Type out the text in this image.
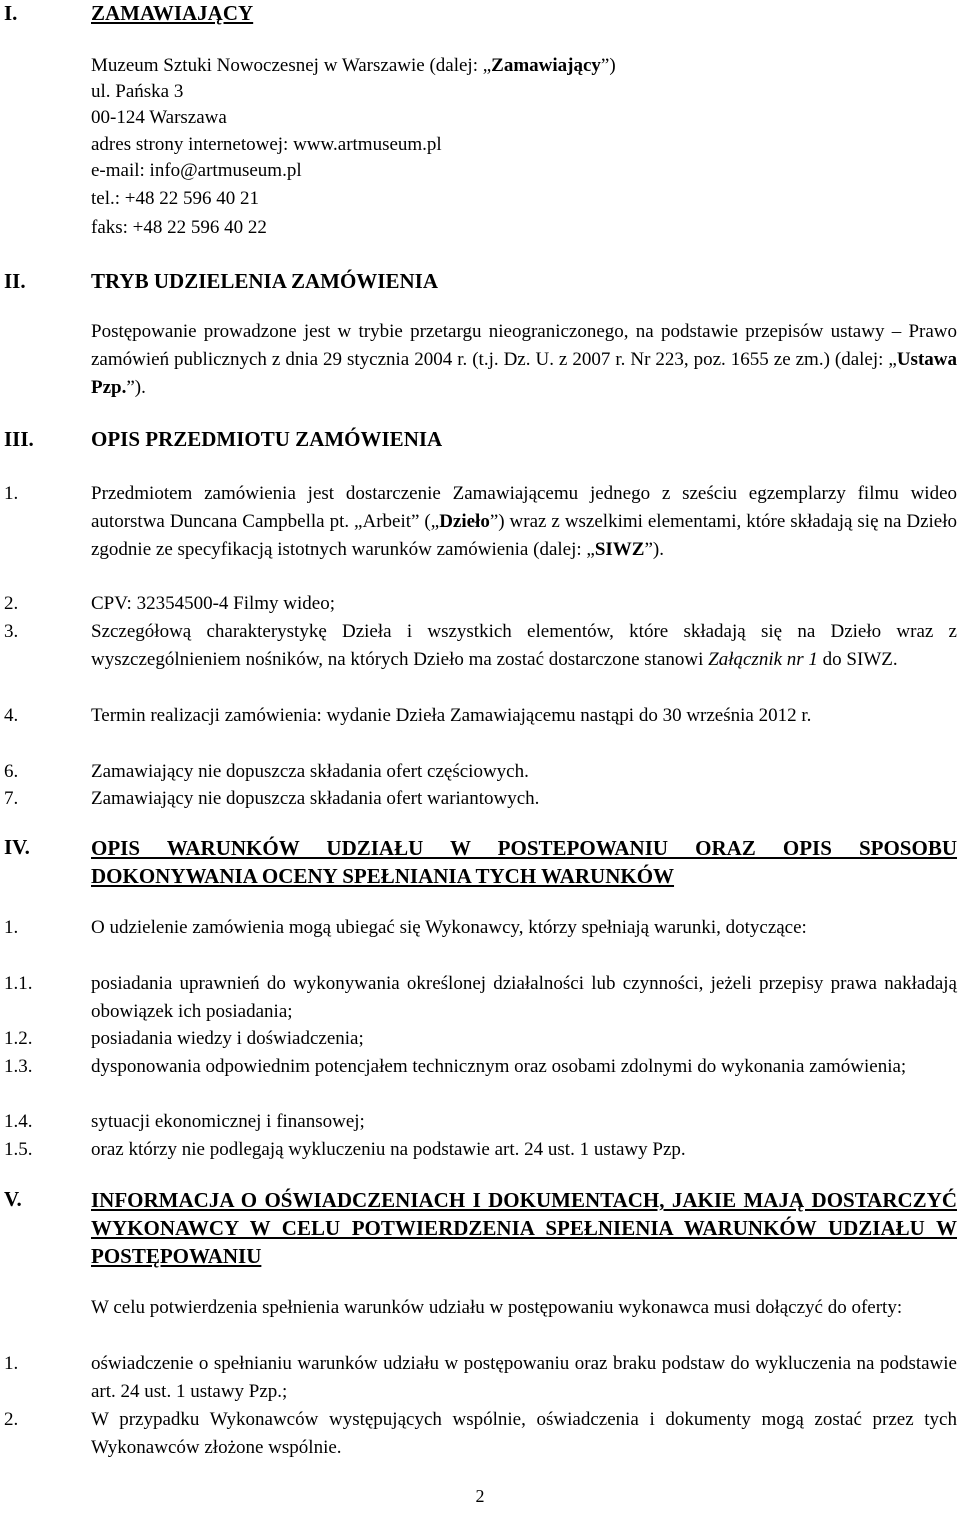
I.	ZAMAWIAJĄCY
Muzeum Sztuki Nowoczesnej w Warszawie (dalej: „Zamawiający”)
ul. Pańska 3
00-124 Warszawa
adres strony internetowej: www.artmuseum.pl
e-mail: info@artmuseum.pl
tel.: +48 22 596 40 21
faks: +48 22 596 40 22
II.	TRYB UDZIELENIA ZAMÓWIENIA
Postępowanie prowadzone jest w trybie przetargu nieograniczonego, na podstawie przepisów ustawy – Prawo zamówień publicznych z dnia 29 stycznia 2004 r. (t.j. Dz. U. z 2007 r. Nr 223, poz. 1655 ze zm.) (dalej: „Ustawa Pzp.”).
III.	OPIS PRZEDMIOTU ZAMÓWIENIA
1.	Przedmiotem zamówienia jest dostarczenie Zamawiającemu jednego z sześciu egzemplarzy filmu wideo autorstwa Duncana Campbella pt. „Arbeit” („Dzieło”) wraz z wszelkimi elementami, które składają się na Dzieło zgodnie ze specyfikacją istotnych warunków zamówienia (dalej: „SIWZ”).
2.	CPV: 32354500-4 Filmy wideo;
3.	Szczegółową charakterystykę Dzieła i wszystkich elementów, które składają się na Dzieło wraz z wyszczególnieniem nośników, na których Dzieło ma zostać dostarczone stanowi Załącznik nr 1 do SIWZ.
4.	Termin realizacji zamówienia: wydanie Dzieła Zamawiającemu nastąpi do 30 września 2012 r.
6.	Zamawiający nie dopuszcza składania ofert częściowych.
7.	Zamawiający nie dopuszcza składania ofert wariantowych.
IV.	OPIS WARUNKÓW UDZIAŁU W POSTEPOWANIU ORAZ OPIS SPOSOBU DOKONYWANIA OCENY SPEŁNIANIA TYCH WARUNKÓW
1.	O udzielenie zamówienia mogą ubiegać się Wykonawcy, którzy spełniają warunki, dotyczące:
1.1.	posiadania uprawnień do wykonywania określonej działalności lub czynności, jeżeli przepisy prawa nakładają obowiązek ich posiadania;
1.2.	posiadania wiedzy i doświadczenia;
1.3.	dysponowania odpowiednim potencjałem technicznym oraz osobami zdolnymi do wykonania zamówienia;
1.4.	sytuacji ekonomicznej i finansowej;
1.5.	oraz którzy nie podlegają wykluczeniu na podstawie art. 24 ust. 1 ustawy Pzp.
V.	INFORMACJA O OŚWIADCZENIACH I DOKUMENTACH, JAKIE MAJĄ DOSTARCZYĆ WYKONAWCY W CELU POTWIERDZENIA SPEŁNIENIA WARUNKÓW UDZIAŁU W POSTĘPOWANIU
W celu potwierdzenia spełnienia warunków udziału w postępowaniu wykonawca musi dołączyć do oferty:
1.	oświadczenie o spełnianiu warunków udziału w postępowaniu oraz braku podstaw do wykluczenia na podstawie art. 24 ust. 1 ustawy Pzp.;
2.	W przypadku Wykonawców występujących wspólnie, oświadczenia i dokumenty mogą zostać przez tych Wykonawców złożone wspólnie.
2
